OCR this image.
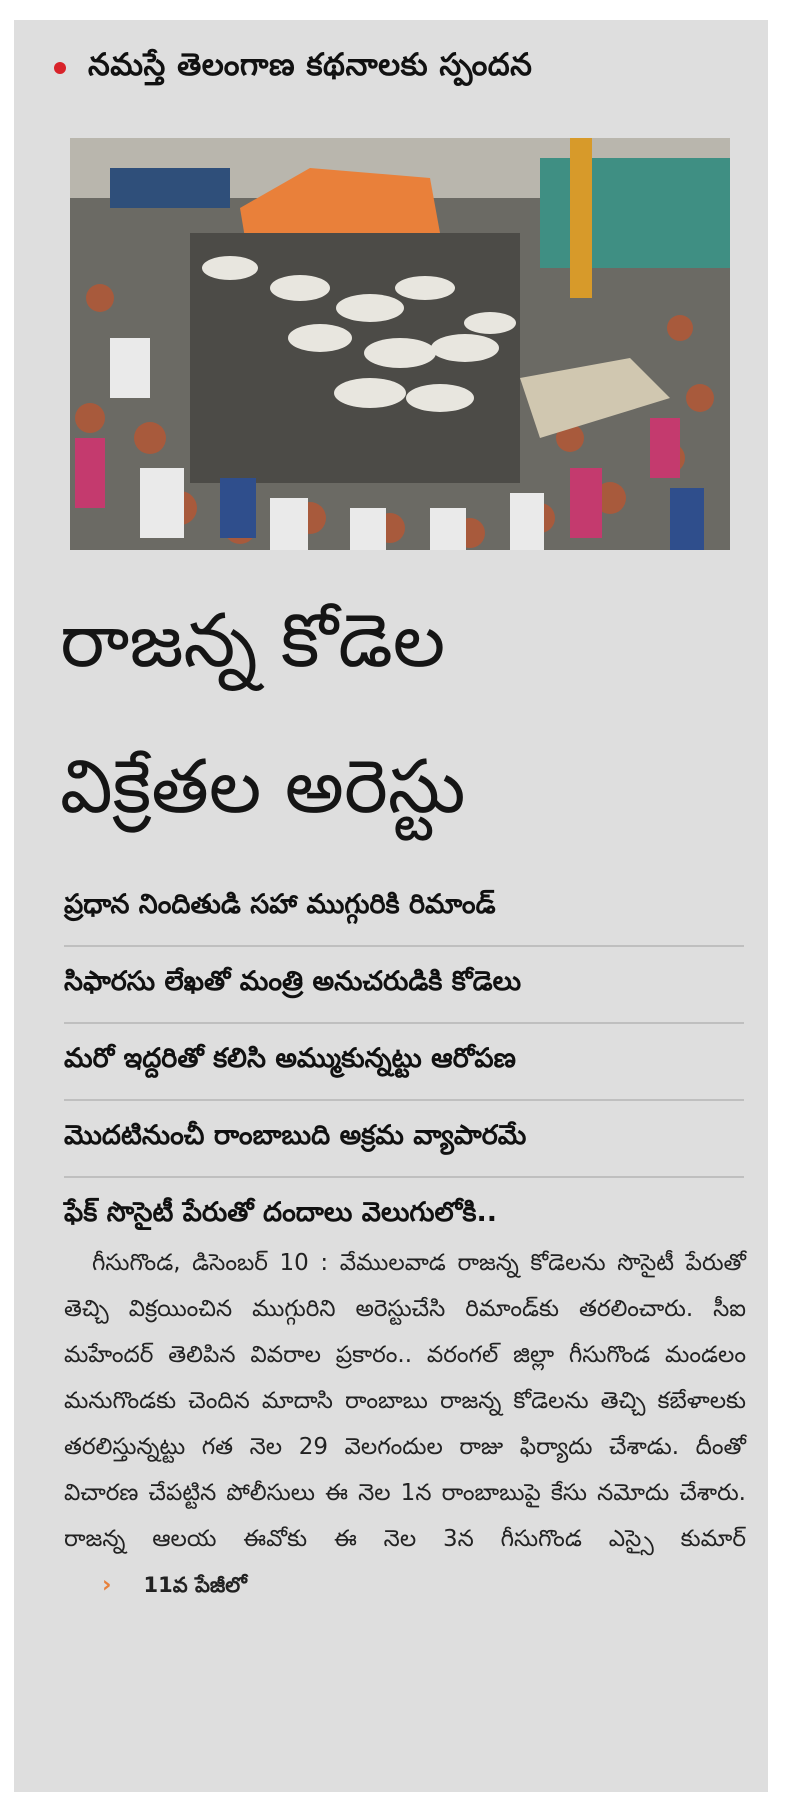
నమస్తే తెలంగాణ కథనాలకు స్పందన
రాజన్న కోడెల
విక్రేతల అరెస్టు
ప్రధాన నిందితుడి సహా ముగ్గురికి రిమాండ్
సిఫారసు లేఖతో మంత్రి అనుచరుడికి కోడెలు
మరో ఇద్దరితో కలిసి అమ్ముకున్నట్టు ఆరోపణ
మొదటినుంచీ రాంబాబుది అక్రమ వ్యాపారమే
ఫేక్ సొసైటీ పేరుతో దందాలు వెలుగులోకి..

గీసుగొండ, డిసెంబర్ 10 : వేములవాడ రాజన్న కోడెలను సొసైటీ పేరుతో తెచ్చి విక్రయించిన ముగ్గురిని అరెస్టుచేసి రిమాండ్‌కు తరలించారు. సీఐ మహేందర్ తెలిపిన వివరాల ప్రకారం.. వరంగల్ జిల్లా గీసుగొండ మండలం మనుగొండకు చెందిన మాదాసి రాంబాబు రాజన్న కోడెలను తెచ్చి కబేళాలకు తరలిస్తున్నట్టు గత నెల 29 వెలగందుల రాజు ఫిర్యాదు చేశాడు. దీంతో విచారణ చేపట్టిన పోలీసులు ఈ నెల 1న రాంబాబుపై కేసు నమోదు చేశారు. రాజన్న ఆలయ ఈవోకు ఈ నెల 3న గీసుగొండ ఎస్సై కుమార్
›	11వ పేజీలో
